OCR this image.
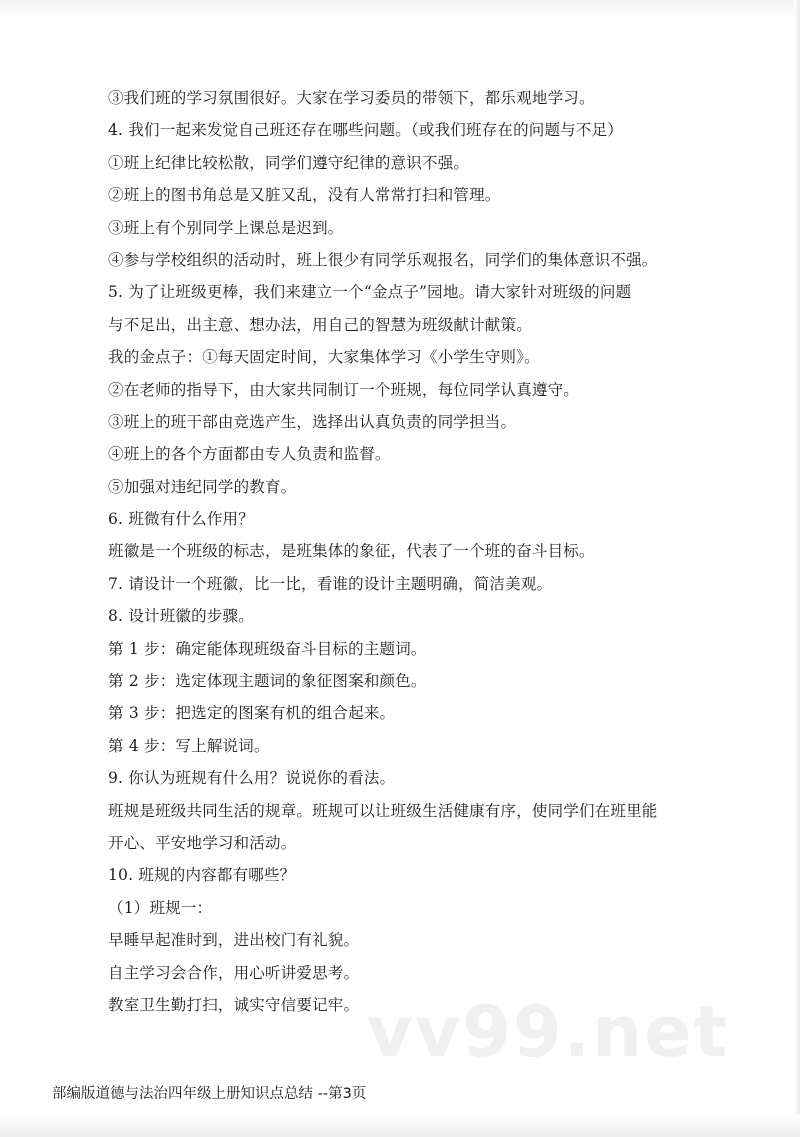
③我们班的学习氛围很好。大家在学习委员的带领下，都乐观地学习。
4. 我们一起来发觉自己班还存在哪些问题。（或我们班存在的问题与不足）
①班上纪律比较松散，同学们遵守纪律的意识不强。
②班上的图书角总是又脏又乱，没有人常常打扫和管理。
③班上有个别同学上课总是迟到。
④参与学校组织的活动时，班上很少有同学乐观报名，同学们的集体意识不强。
5. 为了让班级更棒，我们来建立一个“金点子”园地。请大家针对班级的问题
与不足出，出主意、想办法，用自己的智慧为班级献计献策。
我的金点子：①每天固定时间，大家集体学习《小学生守则》。
②在老师的指导下，由大家共同制订一个班规，每位同学认真遵守。
③班上的班干部由竞选产生，选择出认真负责的同学担当。
④班上的各个方面都由专人负责和监督。
⑤加强对违纪同学的教育。
6. 班微有什么作用？
班徽是一个班级的标志，是班集体的象征，代表了一个班的奋斗目标。
7. 请设计一个班徽，比一比，看谁的设计主题明确，简洁美观。
8. 设计班徽的步骤。
第 1 步：确定能体现班级奋斗目标的主题词。
第 2 步：选定体现主题词的象征图案和颜色。
第 3 步：把选定的图案有机的组合起来。
第 4 步：写上解说词。
9. 你认为班规有什么用？说说你的看法。
班规是班级共同生活的规章。班规可以让班级生活健康有序，使同学们在班里能
开心、平安地学习和活动。
10. 班规的内容都有哪些？
（1）班规一：
早睡早起准时到，进出校门有礼貌。
自主学习会合作，用心听讲爱思考。
教室卫生勤打扫，诚实守信要记牢。 vv99.net
部编版道德与法治四年级上册知识点总结 --第3页
